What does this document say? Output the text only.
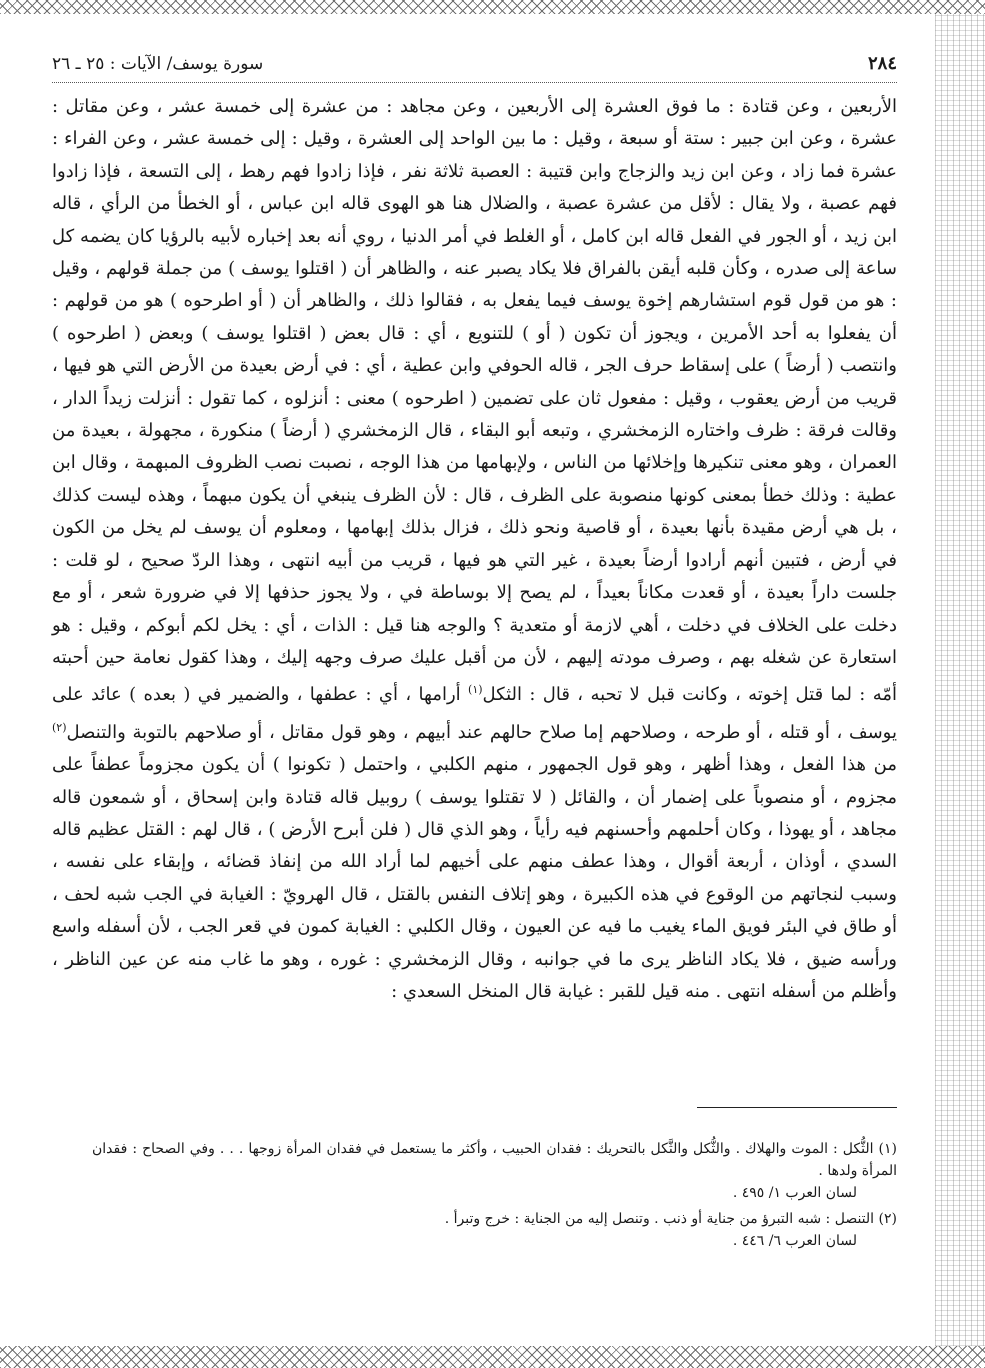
٢٨٤
سورة يوسف/ الآيات : ٢٥ ـ ٢٦
الأربعين ، وعن قتادة : ما فوق العشرة إلى الأربعين ، وعن مجاهد : من عشرة إلى خمسة عشر ، وعن مقاتل : عشرة ، وعن ابن جبير : ستة أو سبعة ، وقيل : ما بين الواحد إلى العشرة ، وقيل : إلى خمسة عشر ، وعن الفراء : عشرة فما زاد ، وعن ابن زيد والزجاج وابن قتيبة : العصبة ثلاثة نفر ، فإذا زادوا فهم رهط ، إلى التسعة ، فإذا زادوا فهم عصبة ، ولا يقال : لأقل من عشرة عصبة ، والضلال هنا هو الهوى قاله ابن عباس ، أو الخطأ من الرأي ، قاله ابن زيد ، أو الجور في الفعل قاله ابن كامل ، أو الغلط في أمر الدنيا ، روي أنه بعد إخباره لأبيه بالرؤيا كان يضمه كل ساعة إلى صدره ، وكأن قلبه أيقن بالفراق فلا يكاد يصبر عنه ، والظاهر أن ( اقتلوا يوسف ) من جملة قولهم ، وقيل : هو من قول قوم استشارهم إخوة يوسف فيما يفعل به ، فقالوا ذلك ، والظاهر أن ( أو اطرحوه ) هو من قولهم : أن يفعلوا به أحد الأمرين ، ويجوز أن تكون ( أو ) للتنويع ، أي : قال بعض ( اقتلوا يوسف ) وبعض ( اطرحوه ) وانتصب ( أرضاً ) على إسقاط حرف الجر ، قاله الحوفي وابن عطية ، أي : في أرض بعيدة من الأرض التي هو فيها ، قريب من أرض يعقوب ، وقيل : مفعول ثان على تضمين ( اطرحوه ) معنى : أنزلوه ، كما تقول : أنزلت زيداً الدار ، وقالت فرقة : ظرف واختاره الزمخشري ، وتبعه أبو البقاء ، قال الزمخشري ( أرضاً ) منكورة ، مجهولة ، بعيدة من العمران ، وهو معنى تنكيرها وإخلائها من الناس ، ولإبهامها من هذا الوجه ، نصبت نصب الظروف المبهمة ، وقال ابن عطية : وذلك خطأ بمعنى كونها منصوبة على الظرف ، قال : لأن الظرف ينبغي أن يكون مبهماً ، وهذه ليست كذلك ، بل هي أرض مقيدة بأنها بعيدة ، أو قاصية ونحو ذلك ، فزال بذلك إبهامها ، ومعلوم أن يوسف لم يخل من الكون في أرض ، فتبين أنهم أرادوا أرضاً بعيدة ، غير التي هو فيها ، قريب من أبيه انتهى ، وهذا الردّ صحيح ، لو قلت : جلست داراً بعيدة ، أو قعدت مكاناً بعيداً ، لم يصح إلا بوساطة في ، ولا يجوز حذفها إلا في ضرورة شعر ، أو مع دخلت على الخلاف في دخلت ، أهي لازمة أو متعدية ؟ والوجه هنا قيل : الذات ، أي : يخل لكم أبوكم ، وقيل : هو استعارة عن شغله بهم ، وصرف مودته إليهم ، لأن من أقبل عليك صرف وجهه إليك ، وهذا كقول نعامة حين أحبته أمّه : لما قتل إخوته ، وكانت قبل لا تحبه ، قال : الثكل$^{(١)}$ أرامها ، أي : عطفها ، والضمير في ( بعده ) عائد على يوسف ، أو قتله ، أو طرحه ، وصلاحهم إما صلاح حالهم عند أبيهم ، وهو قول مقاتل ، أو صلاحهم بالتوبة والتنصل$^{(٢)}$ من هذا الفعل ، وهذا أظهر ، وهو قول الجمهور ، منهم الكلبي ، واحتمل ( تكونوا ) أن يكون مجزوماً عطفاً على مجزوم ، أو منصوباً على إضمار أن ، والقائل ( لا تقتلوا يوسف ) روبيل قاله قتادة وابن إسحاق ، أو شمعون قاله مجاهد ، أو يهوذا ، وكان أحلمهم وأحسنهم فيه رأياً ، وهو الذي قال ( فلن أبرح الأرض ) ، قال لهم : القتل عظيم قاله السدي ، أوذان ، أربعة أقوال ، وهذا عطف منهم على أخيهم لما أراد الله من إنفاذ قضائه ، وإبقاء على نفسه ، وسبب لنجاتهم من الوقوع في هذه الكبيرة ، وهو إتلاف النفس بالقتل ، قال الهرويّ : الغيابة في الجب شبه لحف ، أو طاق في البئر فويق الماء يغيب ما فيه عن العيون ، وقال الكلبي : الغيابة كمون في قعر الجب ، لأن أسفله واسع ورأسه ضيق ، فلا يكاد الناظر يرى ما في جوانبه ، وقال الزمخشري : غوره ، وهو ما غاب منه عن عين الناظر ، وأظلم من أسفله انتهى . منه قيل للقبر : غيابة قال المنخل السعدي :
(١) الثُّكل : الموت والهلاك . والثُّكل والثَّكل بالتحريك : فقدان الحبيب ، وأكثر ما يستعمل في فقدان المرأة زوجها . . . وفي الصحاح : فقدان المرأة ولدها .
لسان العرب ١/ ٤٩٥ .
(٢) التنصل : شبه التبرؤ من جناية أو ذنب . وتنصل إليه من الجناية : خرج وتبرأ .
لسان العرب ٦/ ٤٤٦ .
